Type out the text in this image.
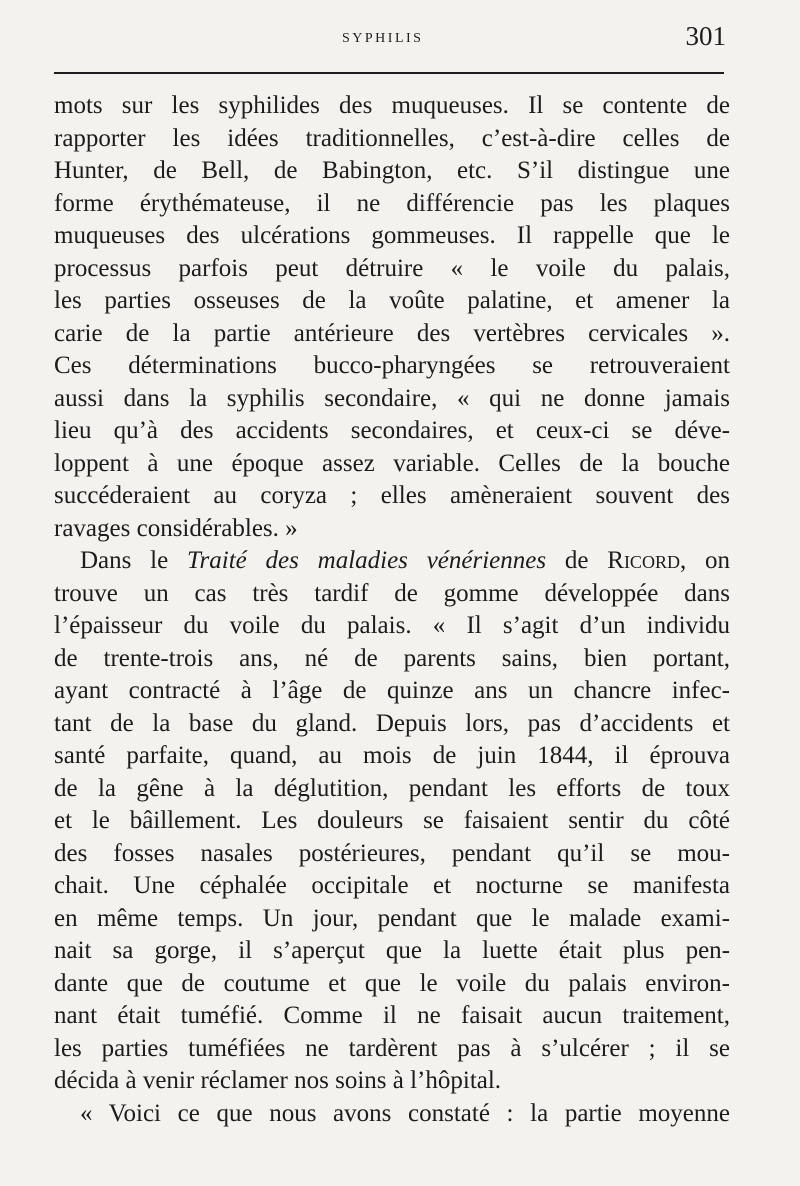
SYPHILIS	301
mots sur les syphilides des muqueuses. Il se contente de
rapporter les idées traditionnelles, c’est-à-dire celles de
Hunter, de Bell, de Babington, etc. S’il distingue une
forme érythémateuse, il ne différencie pas les plaques
muqueuses des ulcérations gommeuses. Il rappelle que le
processus parfois peut détruire « le voile du palais,
les parties osseuses de la voûte palatine, et amener la
carie de la partie antérieure des vertèbres cervicales ».
Ces déterminations bucco-pharyngées se retrouveraient
aussi dans la syphilis secondaire, « qui ne donne jamais
lieu qu’à des accidents secondaires, et ceux-ci se déve-
loppent à une époque assez variable. Celles de la bouche
succéderaient au coryza ; elles amèneraient souvent des
ravages considérables. »
Dans le Traité des maladies vénériennes de Ricord, on
trouve un cas très tardif de gomme développée dans
l’épaisseur du voile du palais. « Il s’agit d’un individu
de trente-trois ans, né de parents sains, bien portant,
ayant contracté à l’âge de quinze ans un chancre infec-
tant de la base du gland. Depuis lors, pas d’accidents et
santé parfaite, quand, au mois de juin 1844, il éprouva
de la gêne à la déglutition, pendant les efforts de toux
et le bâillement. Les douleurs se faisaient sentir du côté
des fosses nasales postérieures, pendant qu’il se mou-
chait. Une céphalée occipitale et nocturne se manifesta
en même temps. Un jour, pendant que le malade exami-
nait sa gorge, il s’aperçut que la luette était plus pen-
dante que de coutume et que le voile du palais environ-
nant était tuméfié. Comme il ne faisait aucun traitement,
les parties tuméfiées ne tardèrent pas à s’ulcérer ; il se
décida à venir réclamer nos soins à l’hôpital.
« Voici ce que nous avons constaté : la partie moyenne
